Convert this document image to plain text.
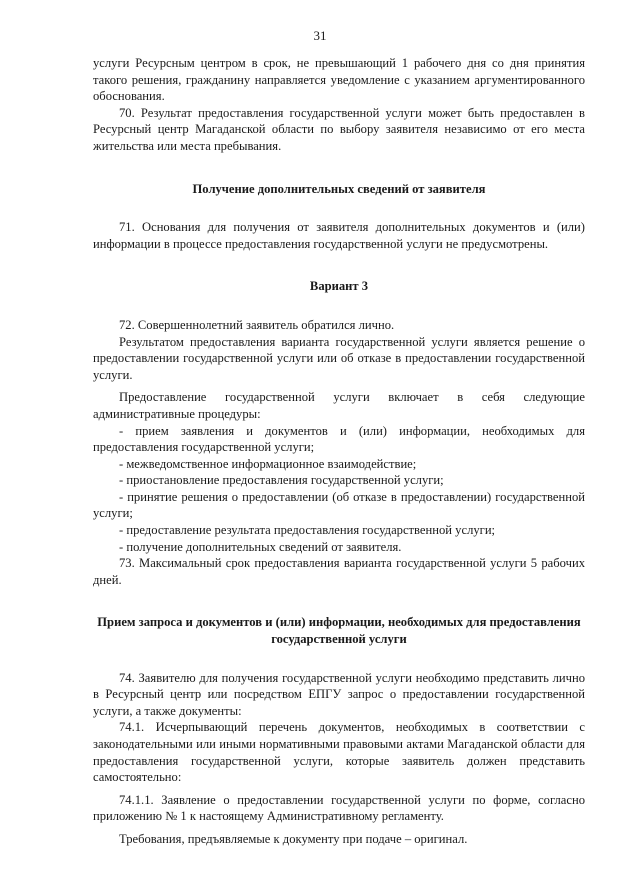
31

услуги Ресурсным центром в срок, не превышающий 1 рабочего дня со дня принятия такого решения, гражданину направляется уведомление с указанием аргументированного обоснования.

70. Результат предоставления государственной услуги может быть предоставлен в Ресурсный центр Магаданской области по выбору заявителя независимо от его места жительства или места пребывания.

Получение дополнительных сведений от заявителя

71. Основания для получения от заявителя дополнительных документов и (или) информации в процессе предоставления государственной услуги не предусмотрены.

Вариант 3

72. Совершеннолетний заявитель обратился лично.

Результатом предоставления варианта государственной услуги является решение о предоставлении государственной услуги или об отказе в предоставлении государственной услуги.

Предоставление государственной услуги включает в себя следующие административные процедуры:

- прием заявления и документов и (или) информации, необходимых для предоставления государственной услуги;

- межведомственное информационное взаимодействие;

- приостановление предоставления государственной услуги;

- принятие решения о предоставлении (об отказе в предоставлении) государственной услуги;

- предоставление результата предоставления государственной услуги;

- получение дополнительных сведений от заявителя.

73. Максимальный срок предоставления варианта государственной услуги 5 рабочих дней.

Прием запроса и документов и (или) информации, необходимых для предоставления государственной услуги

74. Заявителю для получения государственной услуги необходимо представить лично в Ресурсный центр или посредством ЕПГУ запрос о предоставлении государственной услуги, а также документы:

74.1. Исчерпывающий перечень документов, необходимых в соответствии с законодательными или иными нормативными правовыми актами Магаданской области для предоставления государственной услуги, которые заявитель должен представить самостоятельно:

74.1.1. Заявление о предоставлении государственной услуги по форме, согласно приложению № 1 к настоящему Административному регламенту.

Требования, предъявляемые к документу при подаче – оригинал.
